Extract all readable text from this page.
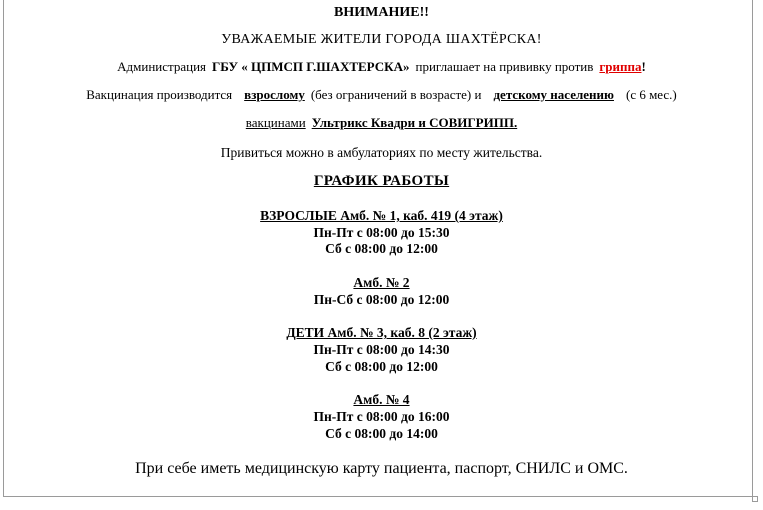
ВНИМАНИЕ!!
УВАЖАЕМЫЕ ЖИТЕЛИ ГОРОДА ШАХТЁРСКА!
Администрация ГБУ « ЦПМСП Г.ШАХТЕРСКА» приглашает на прививку против гриппа!
Вакцинация производится взрослому (без ограничений в возрасте) и детскому населению (с 6 мес.)
вакцинами Ультрикс Квадри и СОВИГРИПП.
Привиться можно в амбулаториях по месту жительства.
ГРАФИК РАБОТЫ
ВЗРОСЛЫЕ Амб. № 1, каб. 419 (4 этаж)
Пн-Пт с 08:00 до 15:30
Сб с 08:00 до 12:00
Амб. № 2
Пн-Сб с 08:00 до 12:00
ДЕТИ Амб. № 3, каб. 8 (2 этаж)
Пн-Пт с 08:00 до 14:30
Сб с 08:00 до 12:00
Амб. № 4
Пн-Пт с 08:00 до 16:00
Сб с 08:00 до 14:00
При себе иметь медицинскую карту пациента, паспорт, СНИЛС и ОМС.
